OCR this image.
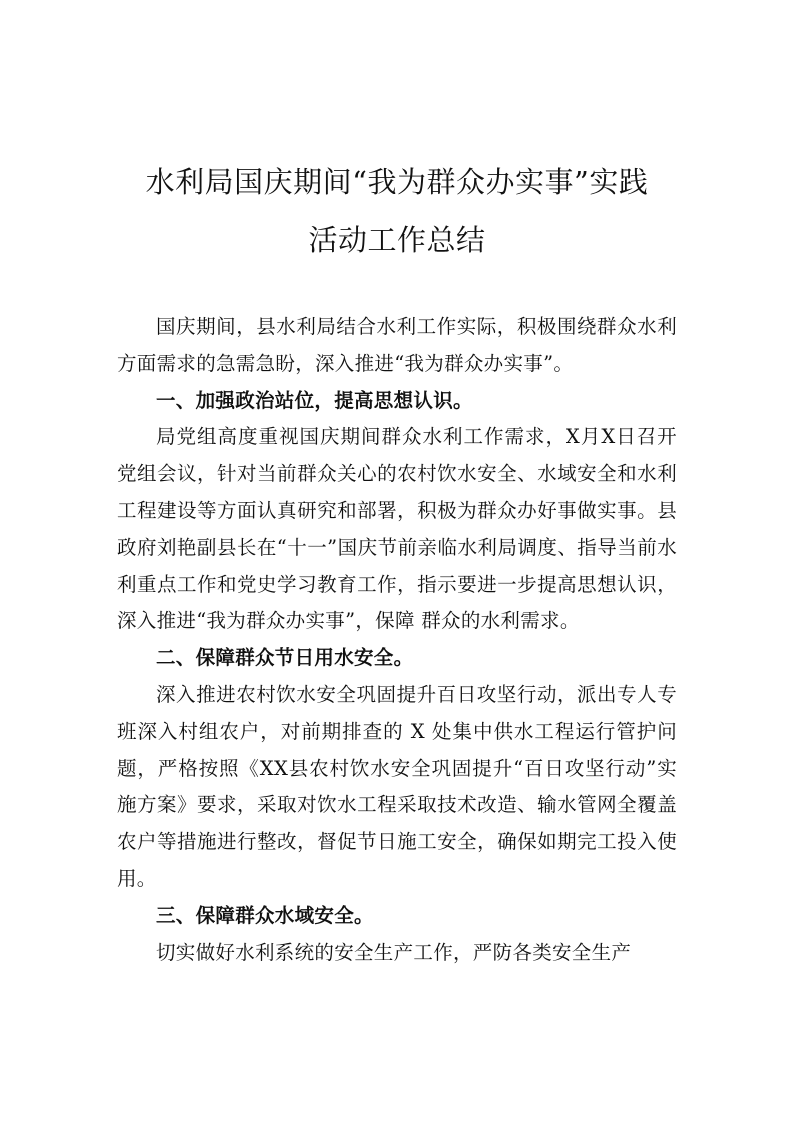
水利局国庆期间“我为群众办实事”实践
活动工作总结

国庆期间，县水利局结合水利工作实际，积极围绕群众水利方面需求的急需急盼，深入推进“我为群众办实事”。

一、加强政治站位，提高思想认识。

局党组高度重视国庆期间群众水利工作需求，X月X日召开党组会议，针对当前群众关心的农村饮水安全、水域安全和水利工程建设等方面认真研究和部署，积极为群众办好事做实事。县政府刘艳副县长在“十一”国庆节前亲临水利局调度、指导当前水利重点工作和党史学习教育工作，指示要进一步提高思想认识，深入推进“我为群众办实事”，保障 群众的水利需求。

二、保障群众节日用水安全。

深入推进农村饮水安全巩固提升百日攻坚行动，派出专人专班深入村组农户，对前期排查的 X 处集中供水工程运行管护问题，严格按照《XX县农村饮水安全巩固提升“百日攻坚行动”实施方案》要求，采取对饮水工程采取技术改造、输水管网全覆盖农户等措施进行整改，督促节日施工安全，确保如期完工投入使用。

三、保障群众水域安全。

切实做好水利系统的安全生产工作，严防各类安全生产
